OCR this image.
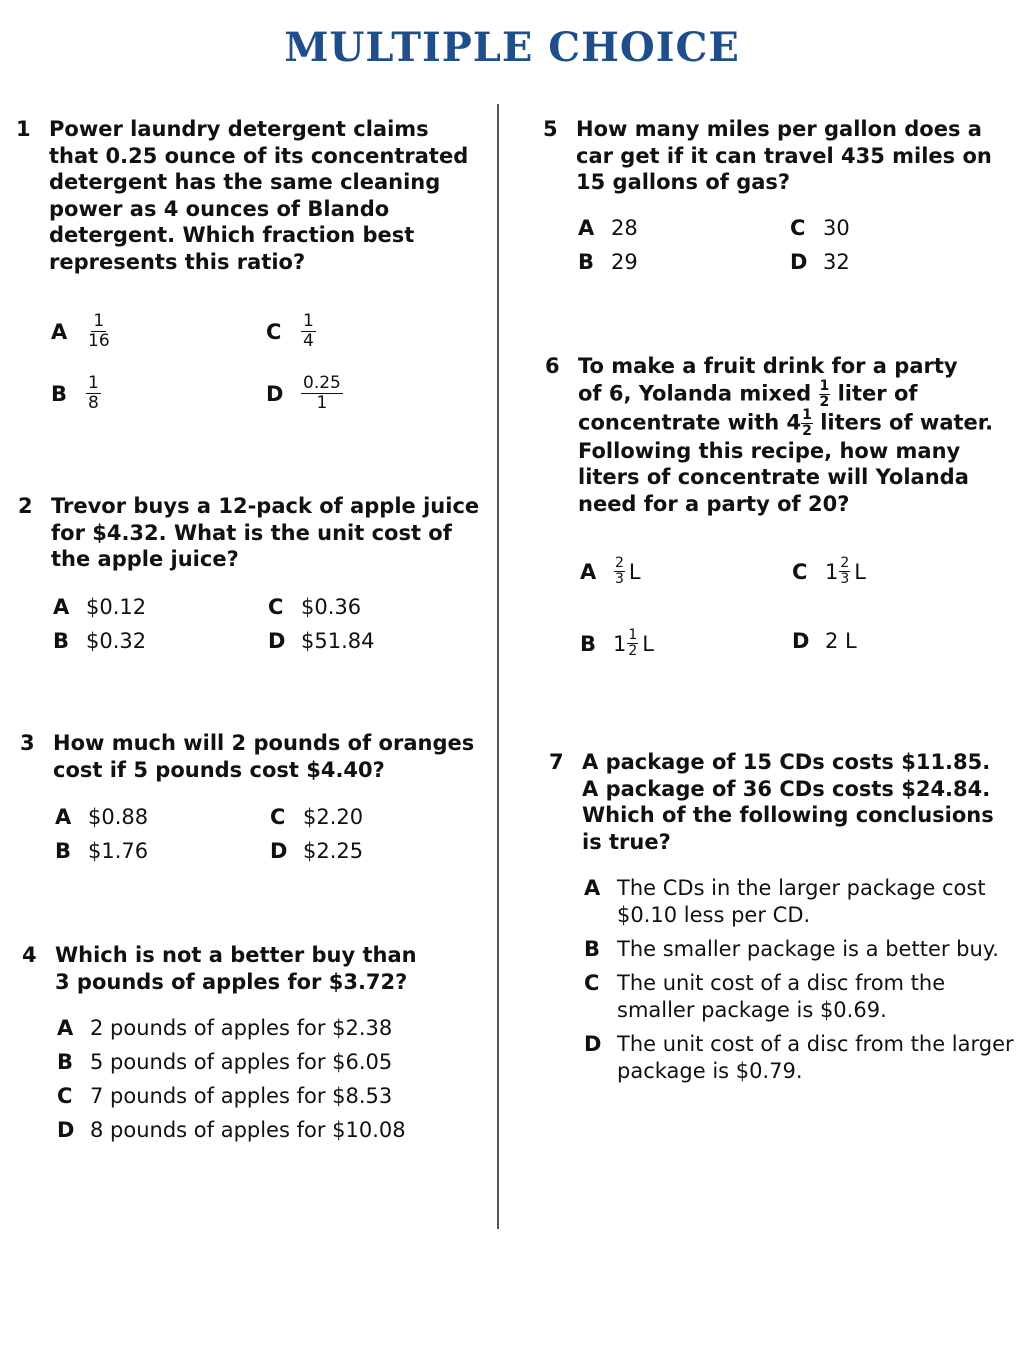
MULTIPLE CHOICE
1 Power laundry detergent claims
that 0.25 ounce of its concentrated
detergent has the same cleaning
power as 4 ounces of Blando
detergent. Which fraction best
represents this ratio?
A	$\frac{1}{16}$	C	$\frac{1}{4}$
B	$\frac{1}{8}$	D	$\frac{0.25}{1}$
2 Trevor buys a 12-pack of apple juice
for $4.32. What is the unit cost of
the apple juice?
A $0.12	C $0.36
B $0.32	D $51.84
3 How much will 2 pounds of oranges
cost if 5 pounds cost $4.40?
A $0.88	C $2.20
B $1.76	D $2.25
4 Which is not a better buy than
3 pounds of apples for $3.72?
A 2 pounds of apples for $2.38
B 5 pounds of apples for $6.05
C 7 pounds of apples for $8.53
D 8 pounds of apples for $10.08
5 How many miles per gallon does a
car get if it can travel 435 miles on
15 gallons of gas?
A 28	C 30
B 29	D 32
6 To make a fruit drink for a party
of 6, Yolanda mixed $\frac{1}{2}$ liter of
concentrate with $4 \frac{1}{2}$ liters of water.
Following this recipe, how many
liters of concentrate will Yolanda
need for a party of 20?
A	$\frac{2}{3}$ L	C $1 \frac{2}{3}$ L
B $1 \frac{1}{2}$ L	D 2 L
7 A package of 15 CDs costs $11.85.
A package of 36 CDs costs $24.84.
Which of the following conclusions
is true?
A The CDs in the larger package cost
$0.10 less per CD.
B The smaller package is a better buy.
C The unit cost of a disc from the
smaller package is $0.69.
D The unit cost of a disc from the larger
package is $0.79.
